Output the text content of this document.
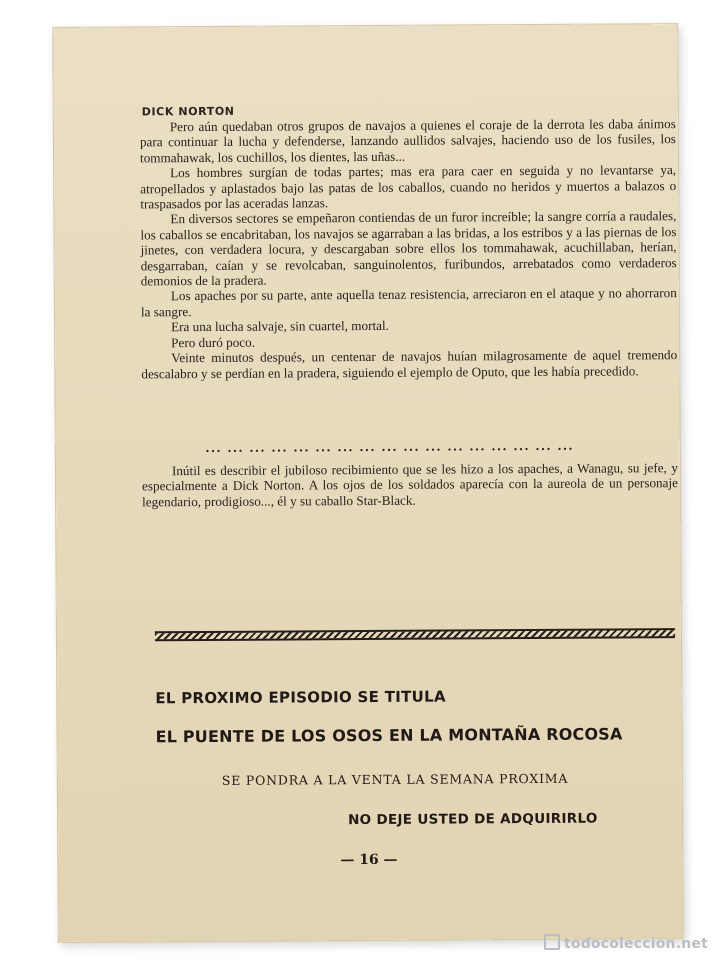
DICK NORTON

Pero aún quedaban otros grupos de navajos a quienes el coraje de la derrota les daba ánimos para continuar la lucha y defenderse, lanzando aullidos salvajes, haciendo uso de los fusiles, los tommahawak, los cuchillos, los dientes, las uñas...

Los hombres surgían de todas partes; mas era para caer en seguida y no levantarse ya, atropellados y aplastados bajo las patas de los caballos, cuando no heridos y muertos a balazos o traspasados por las aceradas lanzas.

En diversos sectores se empeñaron contiendas de un furor increíble; la sangre corría a raudales, los caballos se encabritaban, los navajos se agarraban a las bridas, a los estribos y a las piernas de los jinetes, con verdadera locura, y descargaban sobre ellos los tommahawak, acuchillaban, herían, desgarraban, caían y se revolcaban, sanguinolentos, furibundos, arrebatados como verdaderos demonios de la pradera.

Los apaches por su parte, ante aquella tenaz resistencia, arreciaron en el ataque y no ahorraron la sangre.

Era una lucha salvaje, sin cuartel, mortal.

Pero duró poco.

Veinte minutos después, un centenar de navajos huían milagrosamente de aquel tremendo descalabro y se perdían en la pradera, siguiendo el ejemplo de Oputo, que les había precedido.

... ... ... ... ... ... ... ... ... ... ... ... ... ... ... ... ...

Inútil es describir el jubiloso recibimiento que se les hizo a los apaches, a Wanagu, su jefe, y especialmente a Dick Norton. A los ojos de los soldados aparecía con la aureola de un personaje legendario, prodigioso..., él y su caballo Star-Black.

EL PROXIMO EPISODIO SE TITULA
EL PUENTE DE LOS OSOS EN LA MONTAÑA ROCOSA
SE PONDRA A LA VENTA LA SEMANA PROXIMA
NO DEJE USTED DE ADQUIRIRLO
— 16 —
todocoleccion.net
